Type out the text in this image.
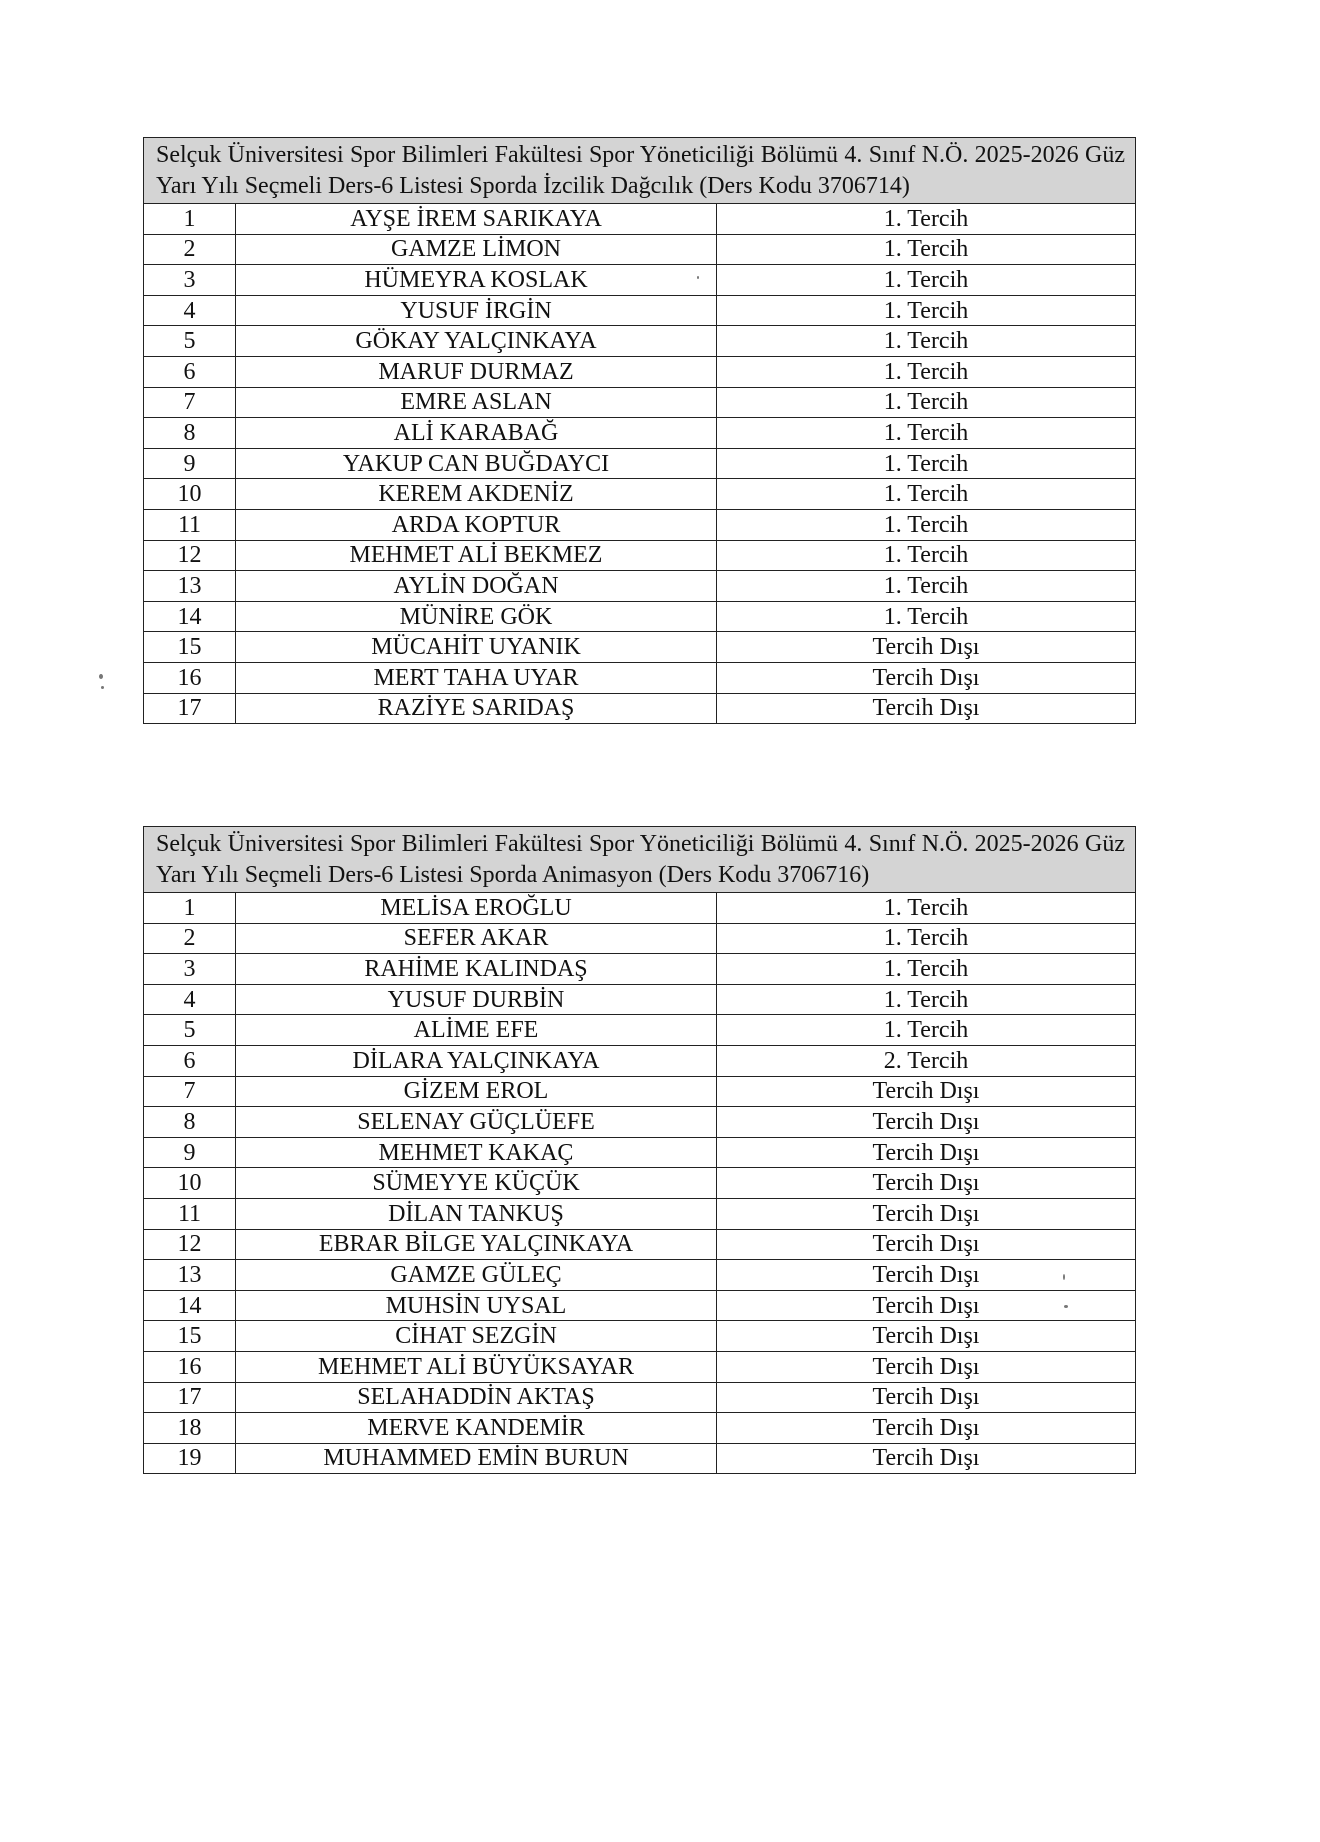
Selçuk Üniversitesi Spor Bilimleri Fakültesi Spor Yöneticiliği Bölümü 4. Sınıf N.Ö. 2025-2026 Güz Yarı Yılı Seçmeli Ders-6 Listesi Sporda İzcilik Dağcılık (Ders Kodu 3706714)		
1	AYŞE İREM SARIKAYA	1. Tercih
2	GAMZE LİMON	1. Tercih
3	HÜMEYRA KOSLAK	1. Tercih
4	YUSUF İRGİN	1. Tercih
5	GÖKAY YALÇINKAYA	1. Tercih
6	MARUF DURMAZ	1. Tercih
7	EMRE ASLAN	1. Tercih
8	ALİ KARABAĞ	1. Tercih
9	YAKUP CAN BUĞDAYCI	1. Tercih
10	KEREM AKDENİZ	1. Tercih
11	ARDA KOPTUR	1. Tercih
12	MEHMET ALİ BEKMEZ	1. Tercih
13	AYLİN DOĞAN	1. Tercih
14	MÜNİRE GÖK	1. Tercih
15	MÜCAHİT UYANIK	Tercih Dışı
16	MERT TAHA UYAR	Tercih Dışı
17	RAZİYE SARIDAŞ	Tercih Dışı
Selçuk Üniversitesi Spor Bilimleri Fakültesi Spor Yöneticiliği Bölümü 4. Sınıf N.Ö. 2025-2026 Güz Yarı Yılı Seçmeli Ders-6 Listesi Sporda Animasyon (Ders Kodu 3706716)		
1	MELİSA EROĞLU	1. Tercih
2	SEFER AKAR	1. Tercih
3	RAHİME KALINDAŞ	1. Tercih
4	YUSUF DURBİN	1. Tercih
5	ALİME EFE	1. Tercih
6	DİLARA YALÇINKAYA	2. Tercih
7	GİZEM EROL	Tercih Dışı
8	SELENAY GÜÇLÜEFE	Tercih Dışı
9	MEHMET KAKAÇ	Tercih Dışı
10	SÜMEYYE KÜÇÜK	Tercih Dışı
11	DİLAN TANKUŞ	Tercih Dışı
12	EBRAR BİLGE YALÇINKAYA	Tercih Dışı
13	GAMZE GÜLEÇ	Tercih Dışı
14	MUHSİN UYSAL	Tercih Dışı
15	CİHAT SEZGİN	Tercih Dışı
16	MEHMET ALİ BÜYÜKSAYAR	Tercih Dışı
17	SELAHADDİN AKTAŞ	Tercih Dışı
18	MERVE KANDEMİR	Tercih Dışı
19	MUHAMMED EMİN BURUN	Tercih Dışı
